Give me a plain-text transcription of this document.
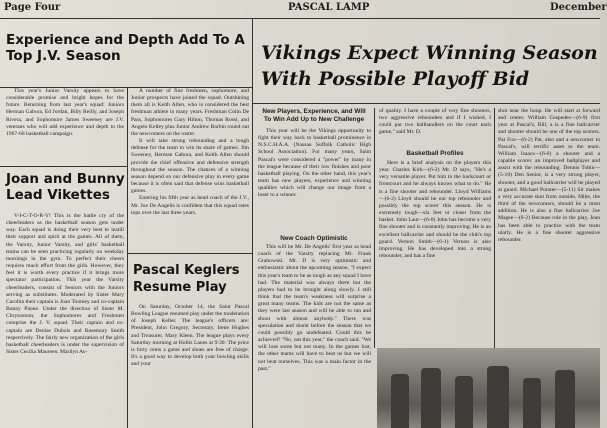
Page Four	PASCAL LAMP	December
Experience and Depth Add To A Top J.V. Season

This year's Junior Varsity appears to have considerable promise and bright hopes for the future. Returning from last year's squad: Juniors Herman Gabora, Ed Jordan, Billy Reilly, and Joseph Rivera, and Sophomore James Sweeney are J.V. veterans who will add experience and depth to the 1967-68 basketball campaign.

Joan and Bunny Lead Vikettes

V-I-C-T-O-R-Y! This is the battle cry of the cheerleaders as the basketball season gets under way. Each squad is doing their very best to instill their support and spirit at the games. All of them, the Varsity, Junior Varsity, and girls' basketball teams can be seen practicing regularly on weekday mornings in the gym. To perfect their cheers requires much effort from the girls. However, they feel it is worth every practice if it brings more spectator participation. This year the Varsity cheerleaders, consist of Seniors with the Juniors serving as substitutes. Moderated by Sister Mary Carolita their captain is Joan Toomey and co-captain Bunny Paone. Under the direction of Sister M. Chrysostom, the Sophomores and Freshmen comprise the J. V. squad. Their captain and co-captain are Denise Dubois and Rosemary Smith respectively. The fairly new organization of the girls basketball cheerleaders is under the supervision of Sister Cecilia Maureen. Marilyn Av-

A number of fine freshmen, sophomore, and Junior prospects have joined the squad. Outshining them all is Keith Allen, who is considered the best freshman athlete in many years. Freshman Colin De Pass, Sophomores Gary Hilton, Thomas Rossi, and Angelo Kelley plus Junior Andrew Barbin round out the newcomers on the roster.

It will take strong rebounding and a tough defense for the team to win its share of games. Jim Sweeney, Herman Gabora, and Keith Allen should provide the chief offensive and defensive strength throughout the season. The chances of a winning season depend on our defensive play in every game because it is often said that defense wins basketball games.

Entering his fifth year as head coach of the J.V., Mr. Joe De Angelis is confident that this squad rates tops over the last three years.

Pascal Keglers Resume Play

On Saturday, October 14, the Saint Pascal Bowling League resumed play under the moderation of Joseph Keller. The league's officers are: President, John Gregory, Secretary, Irene Hughes and Treasurer, Mary Kleen. The league plays every Saturday morning at Hollis Lanes at 9:30. The price is forty cents a game and shoes are free of charge. It's a good way to develop both your bowling skills and your

Vikings Expect Winning Season With Possible Playoff Bid
New Players, Experience, and Will To Win Add Up to New Challenge

This year will be the Vikings opportunity to fight their way back to basketball prominence in N.S.C.H.A.A. (Nassau Suffolk Catholic High School Association). For many years, Saint Pascal's were considered a "power" by many in the league because of their low finishes and poor basketball playing. On the other hand, this year's team has new players, experience and winning qualities which will change our image from a loser to a winner.

New Coach Optimistic

This will be Mr. De Angelis' first year as head coach of the Varsity replacing Mr. Frank Grabowski. Mr. D is very optimistic and enthusiastic about the upcoming season. "I expect this year's team to be as tough as any squad I have had. The material was always there but the players had to be brought along slowly. I still think that the team's weakness will surprise a great many teams. The kids are not the same as they were last season and will be able to run and shoot with almost anybody." There was speculation and doubt before the season that we could possibly go undefeated. Could this be achieved? "No, not this year," the coach said. "We will lose some but not many. In the games lost, the other teams will have to beat us but we will not beat ourselves. This was a main factor in the past."

of quality. I have a couple of very fine shooters, two aggressive rebounders and if I wished, I could put two ballhandlers on the court each game," said Mr. D.

Basketball Profiles

Here is a brief analysis on the players this year. Charles Kirk—(6-2) Mr. D says, "He's a very versatile player. Put him in the backcourt or frontcourt and he always knows what to do." He is a fine shooter and rebounder. Lloyd Williams—(6-2) Lloyd should be our top rebounder and possibly the top scorer this season. He is extremely tough—six feet or closer from the basket. John Laut—(6-0) John has become a very fine shooter and is constantly improving. He is an excellent ballcarrier and should be the club's top guard. Vernon Smith—(6-1) Vernon is also improving. He has developed into a strong rebounder, and has a fine

shot near the hoop. He will start at forward and center. William Cespedes—(6-9) first year at Pascal's, Bill, a is a fine ballcarrier and shooter should be one of the top scorers. Pat Fox—(6-2) Pat, also and a newcomer to Pascal's, will terrific asset to the team. William Isaacs—(6-0) a shooter and a capable scorer. an improved ballplayer and assist with the rebounding. Dennis Tobin—(5-10) Den Senior, is a very strong player, shooter, and a good ballcarrier will be played at guard. Michael Pointer—(5-11) Sir makes a very accurate shot from outside, Mike, the third of the newcomers, should be a most addition. He is also a fine ballcarrier. Joe Magee—(6-2) Because role in the play, Jean has been able to practice with the team ularly. He is a fine shooter aggressive rebounder.
